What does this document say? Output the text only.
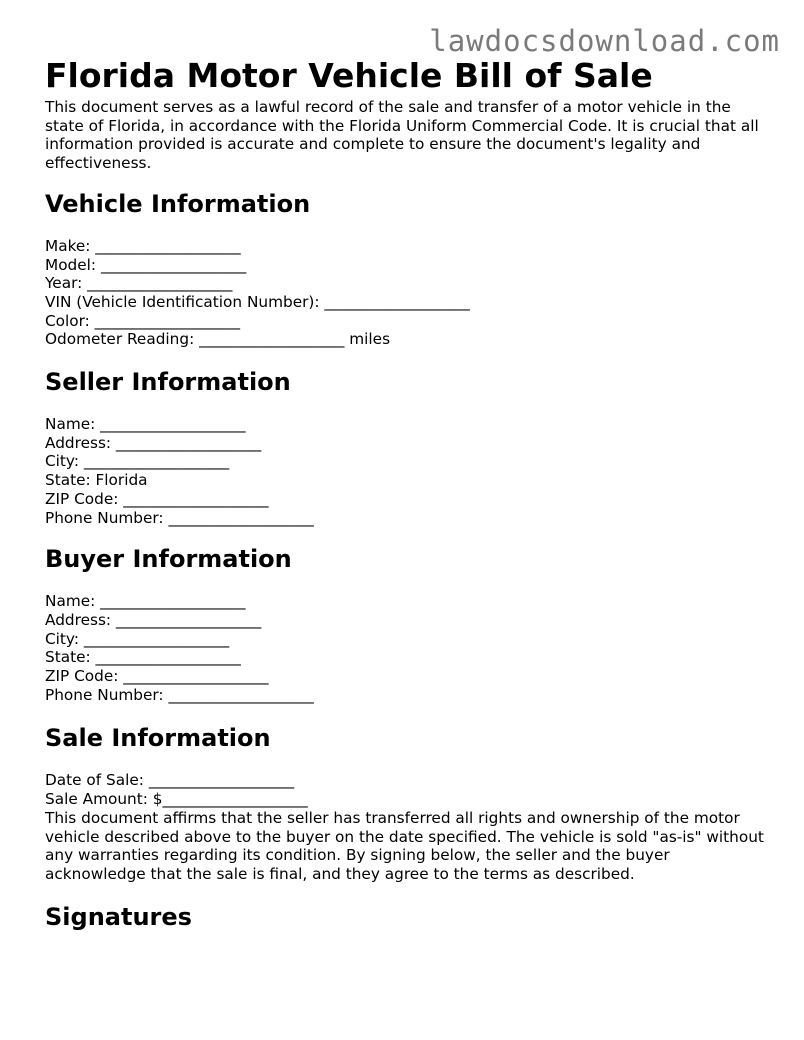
lawdocsdownload.com
Florida Motor Vehicle Bill of Sale

This document serves as a lawful record of the sale and transfer of a motor vehicle in the state of Florida, in accordance with the Florida Uniform Commercial Code. It is crucial that all information provided is accurate and complete to ensure the document's legality and effectiveness.

Vehicle Information
Make: ___________________
Model: ___________________
Year: ___________________
VIN (Vehicle Identification Number): ___________________
Color: ___________________
Odometer Reading: ___________________ miles
Seller Information
Name: ___________________
Address: ___________________
City: ___________________
State: Florida
ZIP Code: ___________________
Phone Number: ___________________
Buyer Information
Name: ___________________
Address: ___________________
City: ___________________
State: ___________________
ZIP Code: ___________________
Phone Number: ___________________
Sale Information
Date of Sale: ___________________
Sale Amount: $___________________

This document affirms that the seller has transferred all rights and ownership of the motor vehicle described above to the buyer on the date specified. The vehicle is sold "as-is" without any warranties regarding its condition. By signing below, the seller and the buyer acknowledge that the sale is final, and they agree to the terms as described.

Signatures
